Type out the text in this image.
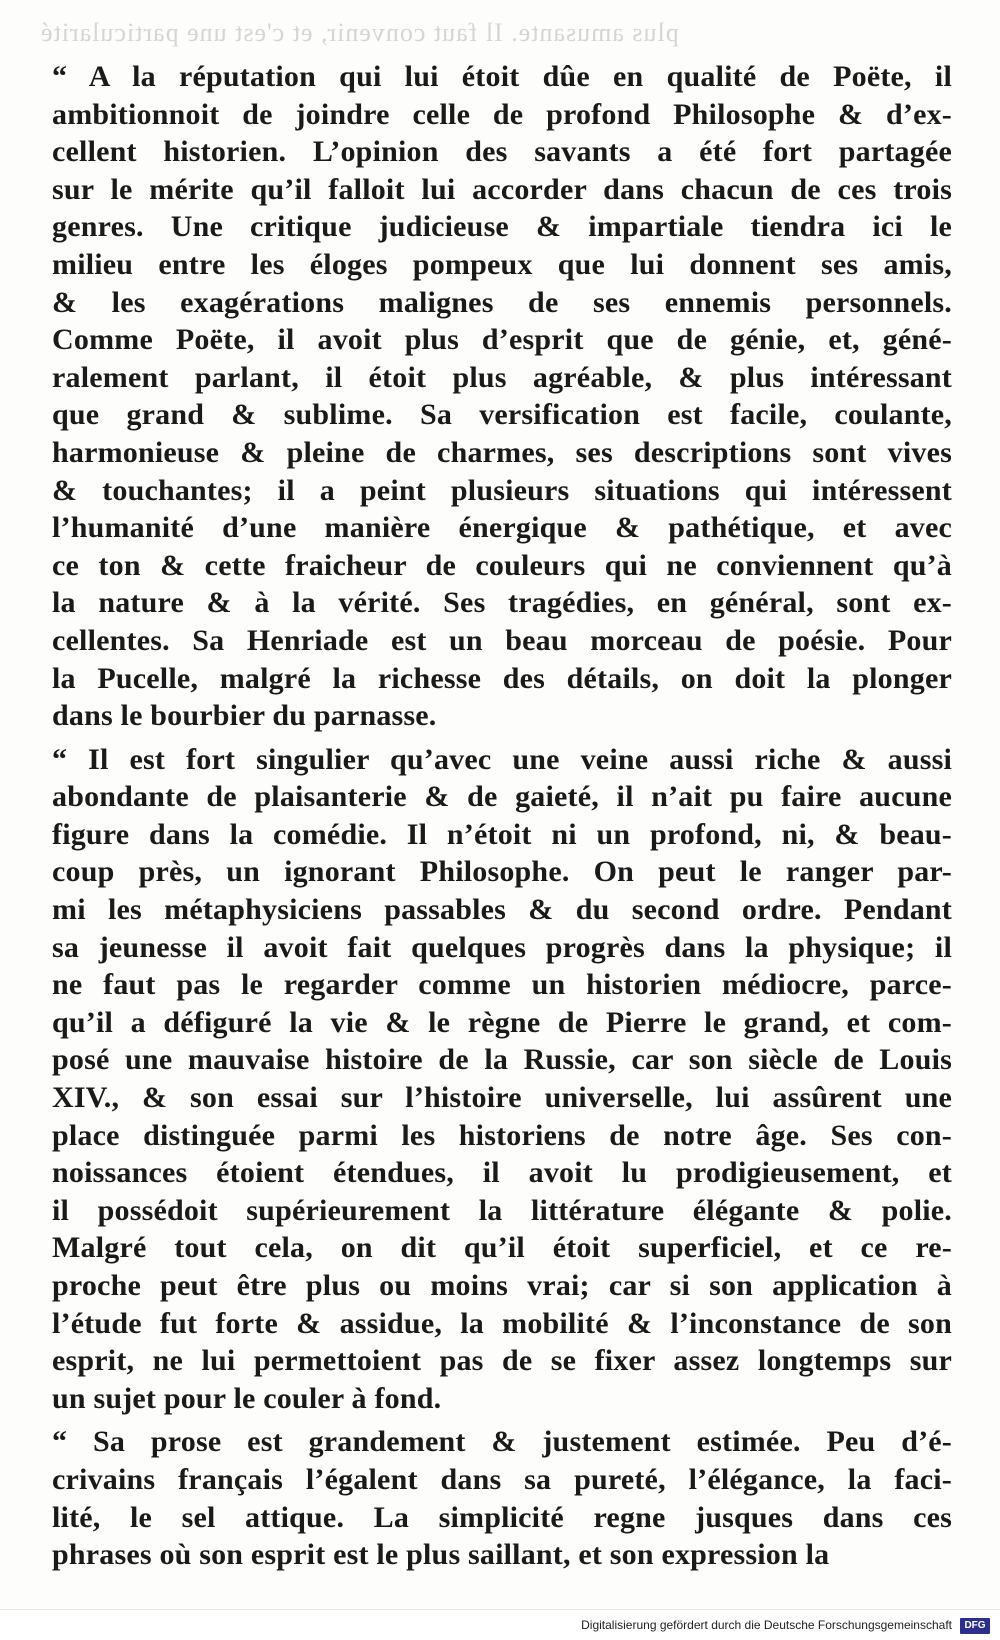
plus amusante. Il faut convenir, et c'est une particularité
“ A la réputation qui lui étoit dûe en qualité de Poëte, il
ambitionnoit de joindre celle de profond Philosophe & d’ex-
cellent historien. L’opinion des savants a été fort partagée
sur le mérite qu’il falloit lui accorder dans chacun de ces trois
genres. Une critique judicieuse & impartiale tiendra ici le
milieu entre les éloges pompeux que lui donnent ses amis,
& les exagérations malignes de ses ennemis personnels.
Comme Poëte, il avoit plus d’esprit que de génie, et, géné-
ralement parlant, il étoit plus agréable, & plus intéressant
que grand & sublime. Sa versification est facile, coulante,
harmonieuse & pleine de charmes, ses descriptions sont vives
& touchantes; il a peint plusieurs situations qui intéressent
l’humanité d’une manière énergique & pathétique, et avec
ce ton & cette fraicheur de couleurs qui ne conviennent qu’à
la nature & à la vérité. Ses tragédies, en général, sont ex-
cellentes. Sa Henriade est un beau morceau de poésie. Pour
la Pucelle, malgré la richesse des détails, on doit la plonger
dans le bourbier du parnasse.
“ Il est fort singulier qu’avec une veine aussi riche & aussi
abondante de plaisanterie & de gaieté, il n’ait pu faire aucune
figure dans la comédie. Il n’étoit ni un profond, ni, & beau-
coup près, un ignorant Philosophe. On peut le ranger par-
mi les métaphysiciens passables & du second ordre. Pendant
sa jeunesse il avoit fait quelques progrès dans la physique; il
ne faut pas le regarder comme un historien médiocre, parce-
qu’il a défiguré la vie & le règne de Pierre le grand, et com-
posé une mauvaise histoire de la Russie, car son siècle de Louis
XIV., & son essai sur l’histoire universelle, lui assûrent une
place distinguée parmi les historiens de notre âge. Ses con-
noissances étoient étendues, il avoit lu prodigieusement, et
il possédoit supérieurement la littérature élégante & polie.
Malgré tout cela, on dit qu’il étoit superficiel, et ce re-
proche peut être plus ou moins vrai; car si son application à
l’étude fut forte & assidue, la mobilité & l’inconstance de son
esprit, ne lui permettoient pas de se fixer assez longtemps sur
un sujet pour le couler à fond.
“ Sa prose est grandement & justement estimée. Peu d’é-
crivains français l’égalent dans sa pureté, l’élégance, la faci-
lité, le sel attique. La simplicité regne jusques dans ces
phrases où son esprit est le plus saillant, et son expression la
Digitalisierung gefördert durch die Deutsche Forschungsgemeinschaft	DFG
